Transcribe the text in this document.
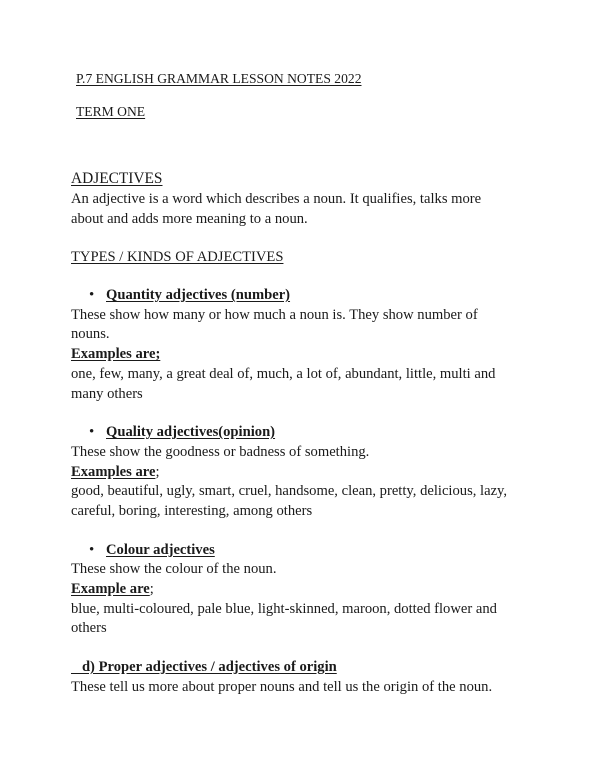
P.7 ENGLISH GRAMMAR LESSON NOTES 2022
TERM ONE
ADJECTIVES
An adjective is a word which describes a noun. It qualifies, talks more
about and adds more meaning to a noun.
TYPES / KINDS OF ADJECTIVES
• Quantity adjectives (number)
These show how many or how much a noun is. They show number of
nouns.
Examples are;
one, few, many, a great deal of, much, a lot of, abundant, little, multi and
many others
• Quality adjectives(opinion)
These show the goodness or badness of something.
Examples are;
good, beautiful, ugly, smart, cruel, handsome, clean, pretty, delicious, lazy,
careful, boring, interesting, among others
• Colour adjectives
These show the colour of the noun.
Example are;
blue, multi-coloured, pale blue, light-skinned, maroon, dotted flower and
others
d) Proper adjectives / adjectives of origin
These tell us more about proper nouns and tell us the origin of the noun.
